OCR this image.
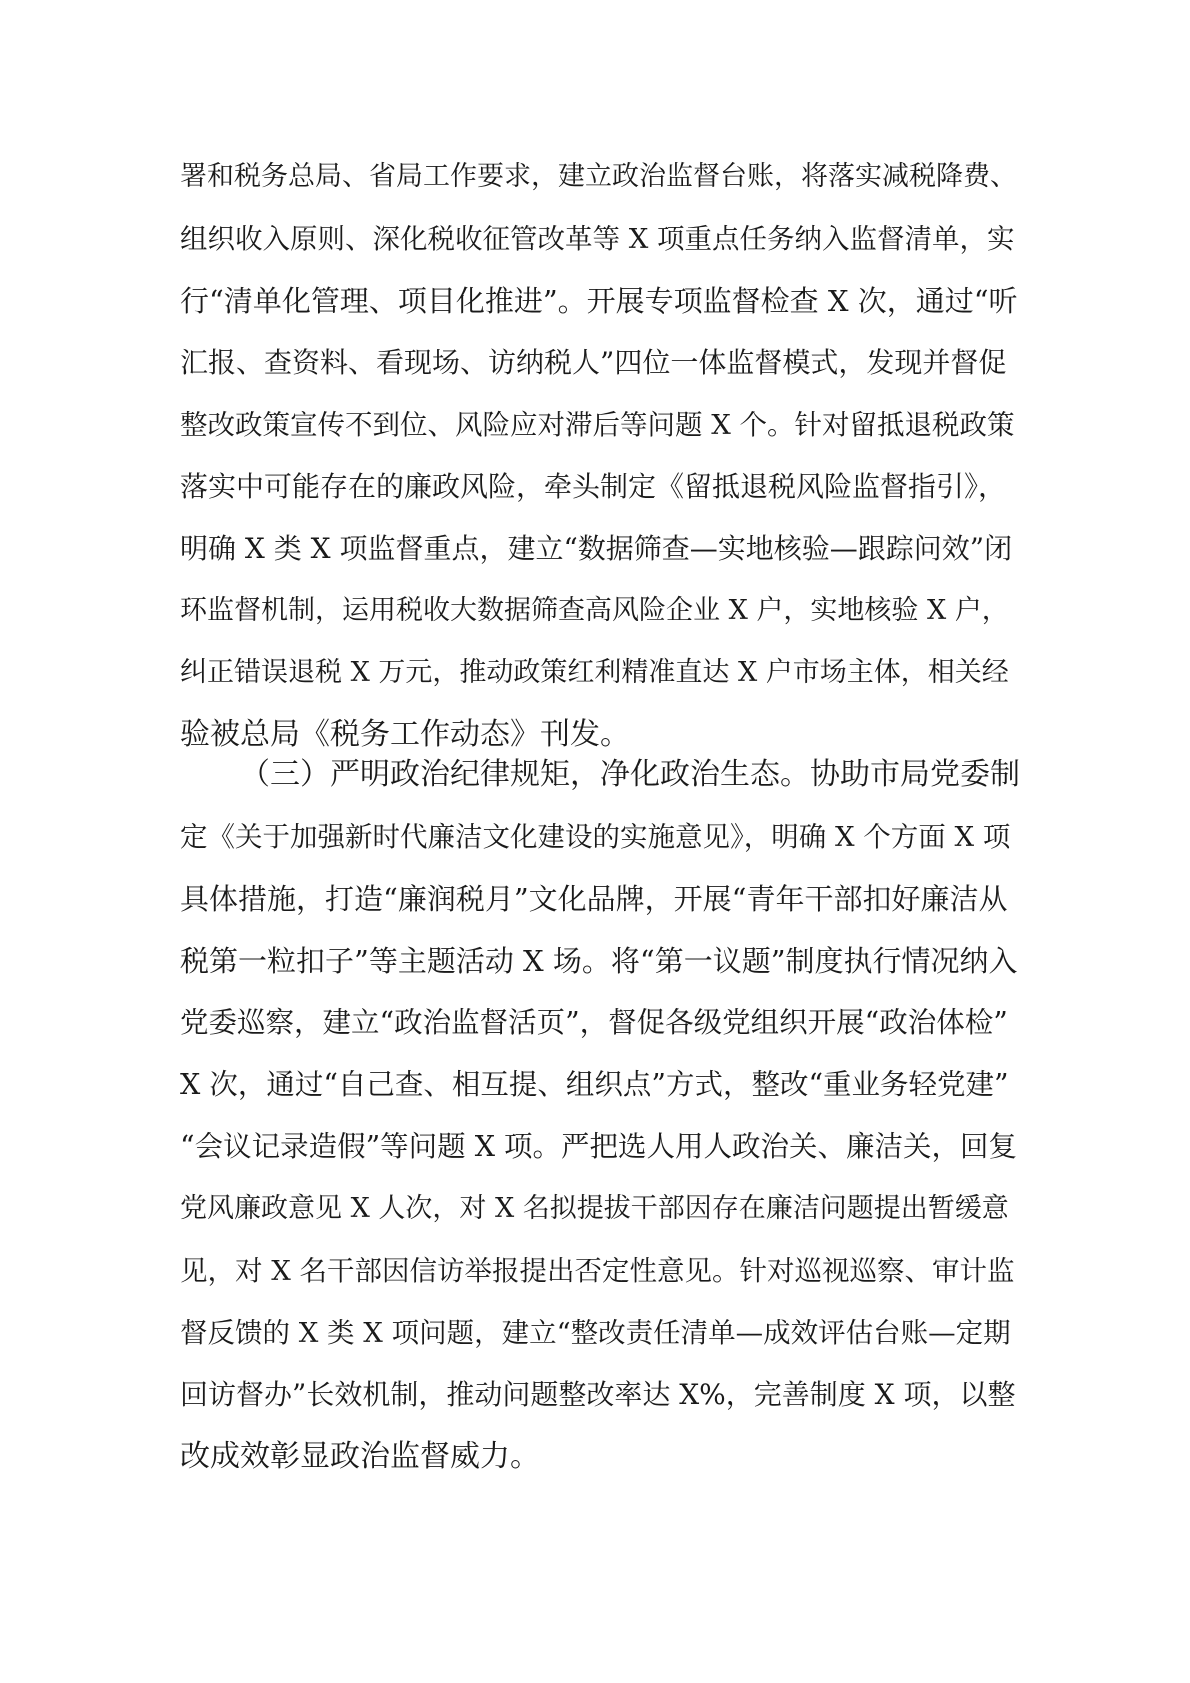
署和税务总局、省局工作要求，建立政治监督台账，将落实减税降费、
组织收入原则、深化税收征管改革等 X 项重点任务纳入监督清单，实
行“清单化管理、项目化推进”。开展专项监督检查 X 次，通过“听
汇报、查资料、看现场、访纳税人”四位一体监督模式，发现并督促
整改政策宣传不到位、风险应对滞后等问题 X 个。针对留抵退税政策
落实中可能存在的廉政风险，牵头制定《留抵退税风险监督指引》，
明确 X 类 X 项监督重点，建立“数据筛查—实地核验—跟踪问效”闭
环监督机制，运用税收大数据筛查高风险企业 X 户，实地核验 X 户，
纠正错误退税 X 万元，推动政策红利精准直达 X 户市场主体，相关经
验被总局《税务工作动态》刊发。
（三）严明政治纪律规矩，净化政治生态。协助市局党委制
定《关于加强新时代廉洁文化建设的实施意见》，明确 X 个方面 X 项
具体措施，打造“廉润税月”文化品牌，开展“青年干部扣好廉洁从
税第一粒扣子”等主题活动 X 场。将“第一议题”制度执行情况纳入
党委巡察，建立“政治监督活页”，督促各级党组织开展“政治体检”
X 次，通过“自己查、相互提、组织点”方式，整改“重业务轻党建”
“会议记录造假”等问题 X 项。严把选人用人政治关、廉洁关，回复
党风廉政意见 X 人次，对 X 名拟提拔干部因存在廉洁问题提出暂缓意
见，对 X 名干部因信访举报提出否定性意见。针对巡视巡察、审计监
督反馈的 X 类 X 项问题，建立“整改责任清单—成效评估台账—定期
回访督办”长效机制，推动问题整改率达 X%，完善制度 X 项，以整
改成效彰显政治监督威力。
